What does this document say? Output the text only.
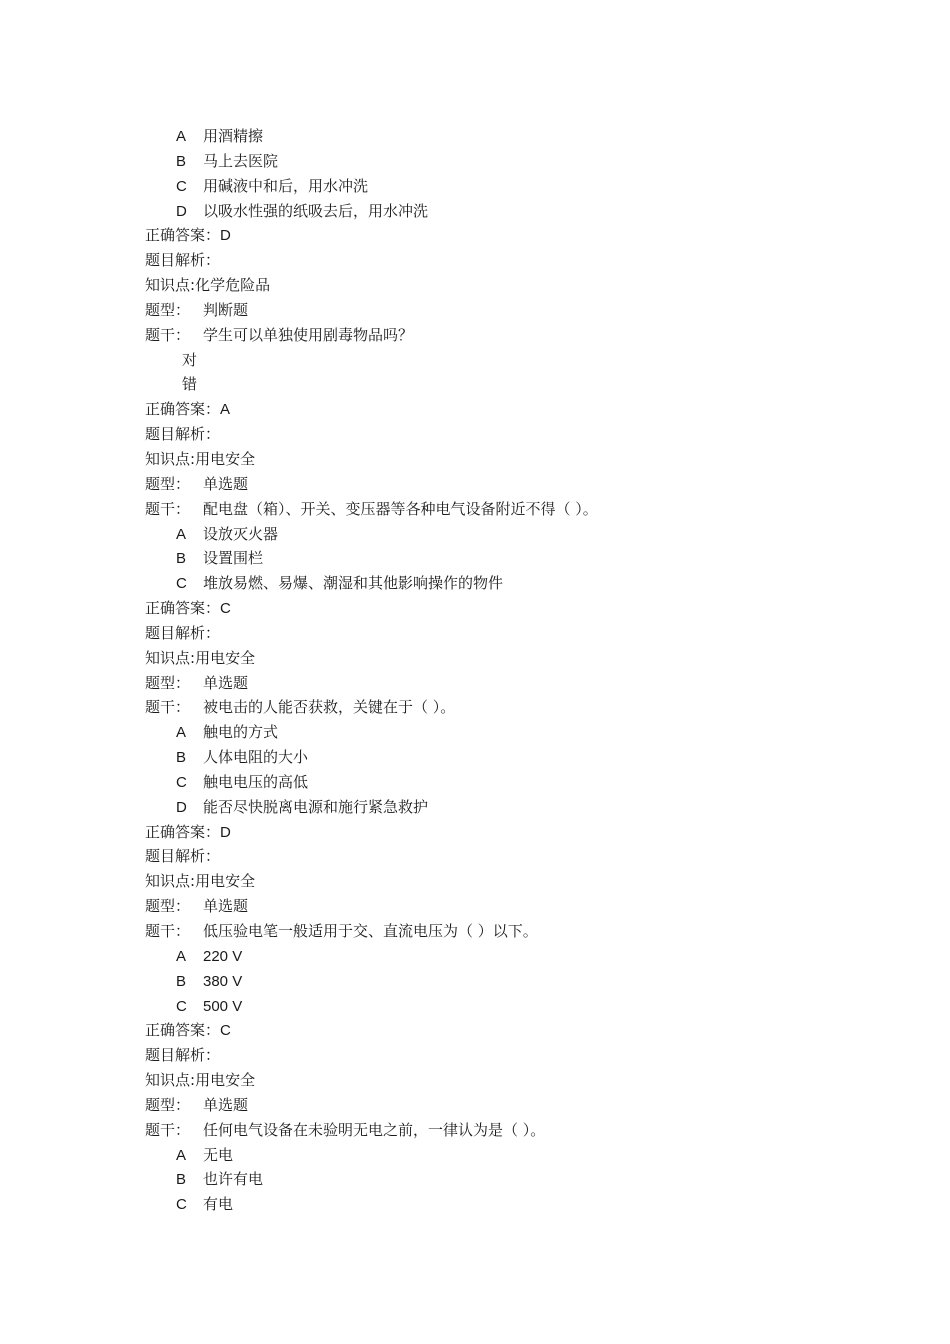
A 用酒精擦
B 马上去医院
C 用碱液中和后，用水冲洗
D 以吸水性强的纸吸去后，用水冲洗
正确答案：D
题目解析：
知识点:化学危险品
题型： 判断题
题干： 学生可以单独使用剧毒物品吗？
对
错
正确答案：A
题目解析：
知识点:用电安全
题型： 单选题
题干： 配电盘（箱）、开关、变压器等各种电气设备附近不得（ ）。
A 设放灭火器
B 设置围栏
C 堆放易燃、易爆、潮湿和其他影响操作的物件
正确答案：C
题目解析：
知识点:用电安全
题型： 单选题
题干： 被电击的人能否获救，关键在于（ ）。
A 触电的方式
B 人体电阻的大小
C 触电电压的高低
D 能否尽快脱离电源和施行紧急救护
正确答案：D
题目解析：
知识点:用电安全
题型： 单选题
题干： 低压验电笔一般适用于交、直流电压为（ ）以下。
A 220 V
B 380 V
C 500 V
正确答案：C
题目解析：
知识点:用电安全
题型： 单选题
题干： 任何电气设备在未验明无电之前，一律认为是（ ）。
A 无电
B 也许有电
C 有电
